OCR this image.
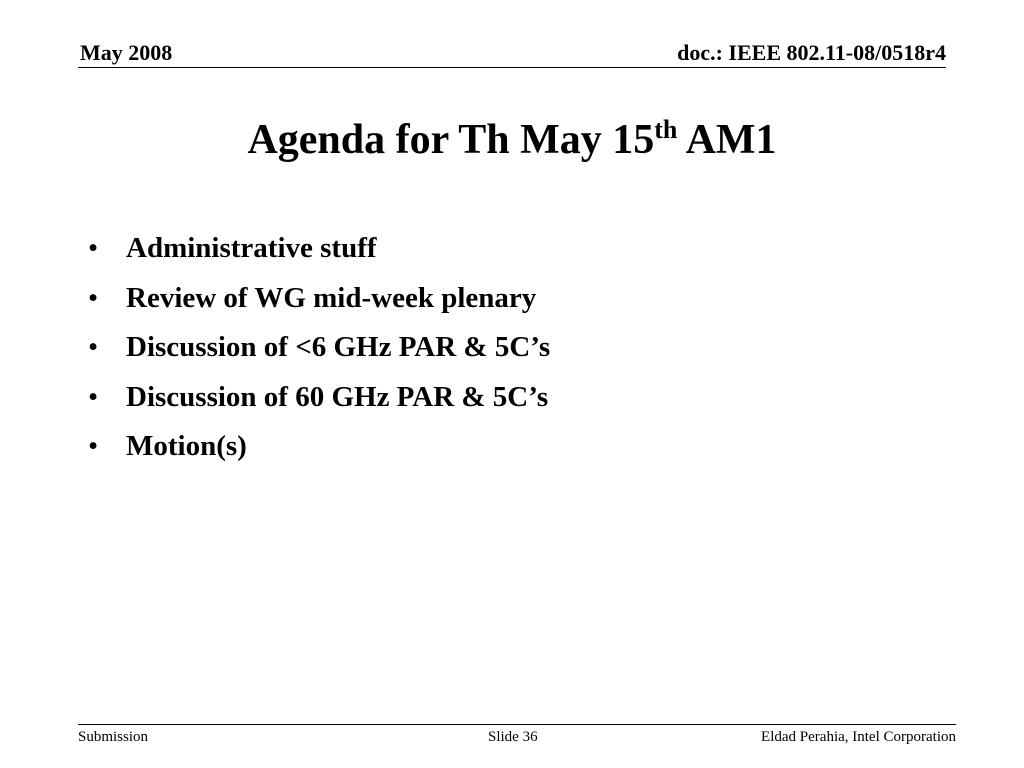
May 2008	doc.: IEEE 802.11-08/0518r4
Agenda for Th May 15th AM1
• Administrative stuff
• Review of WG mid-week plenary
• Discussion of <6 GHz PAR & 5C’s
• Discussion of 60 GHz PAR & 5C’s
• Motion(s)
Submission	Slide 36	Eldad Perahia, Intel Corporation
